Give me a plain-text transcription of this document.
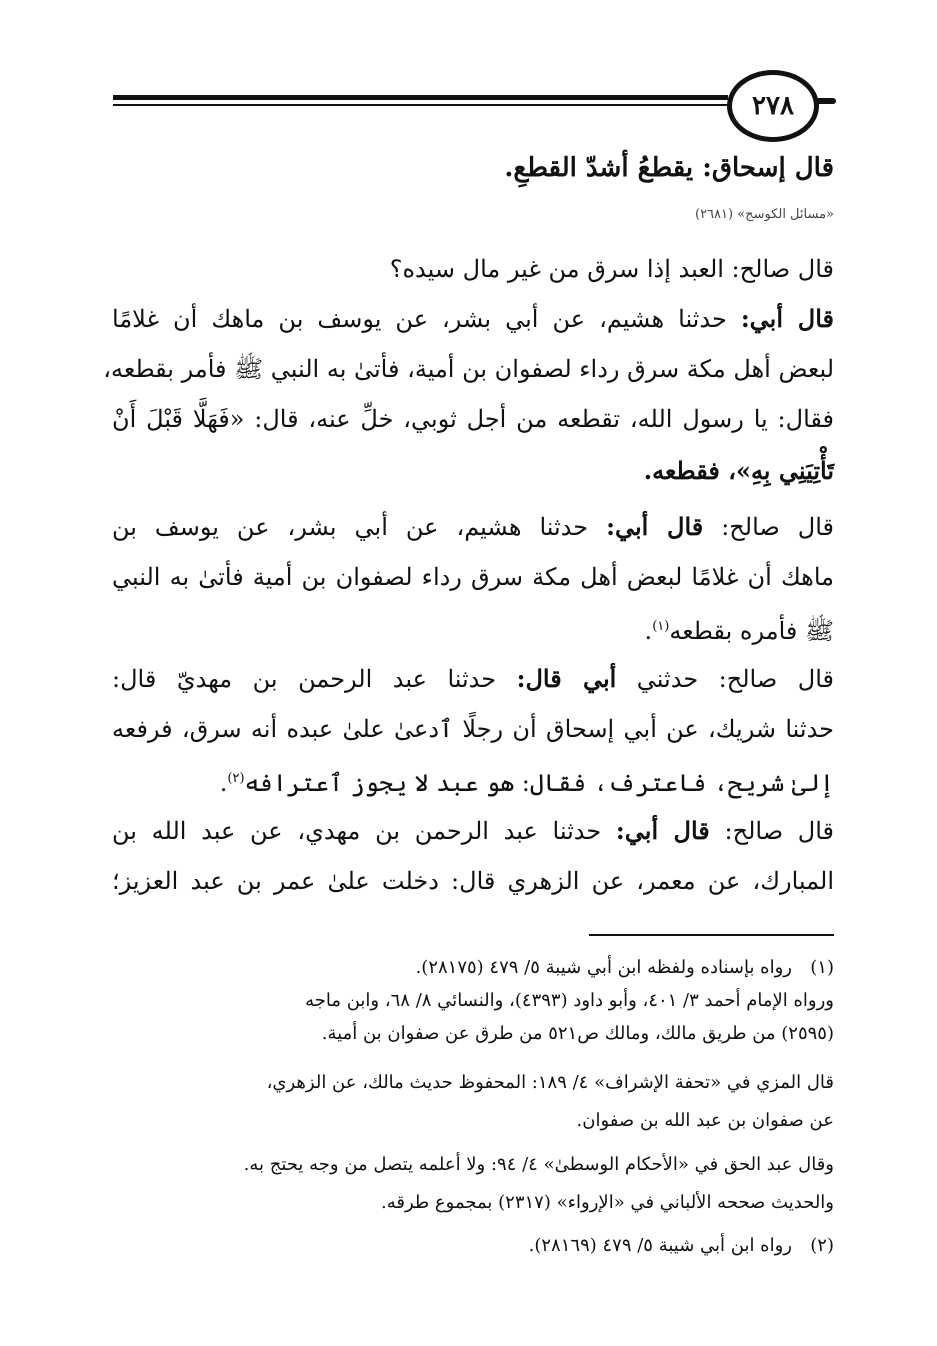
٢٧٨
قال إسحاق: يقطعُ أشدّ القطعِ.
«مسائل الكوسج» (٢٦٨١)
قال صالح: العبد إذا سرق من غير مال سيده؟
قال أبي: حدثنا هشيم، عن أبي بشر، عن يوسف بن ماهك أن غلامًا
لبعض أهل مكة سرق رداء لصفوان بن أمية، فأتىٰ به النبي ﷺ فأمر بقطعه،
فقال: يا رسول الله، تقطعه من أجل ثوبي، خلِّ عنه، قال: «فَهَلَّا قَبْلَ أَنْ
تَأْتِيَنِي بِهِ»، فقطعه.
قال صالح: قال أبي: حدثنا هشيم، عن أبي بشر، عن يوسف بن
ماهك أن غلامًا لبعض أهل مكة سرق رداء لصفوان بن أمية فأتىٰ به النبي
ﷺ فأمره بقطعه$^{(١)}$.
قال صالح: حدثني أبي قال: حدثنا عبد الرحمن بن مهديّ قال:
حدثنا شريك، عن أبي إسحاق أن رجلًا ٱدعىٰ علىٰ عبده أنه سرق، فرفعه
إلىٰ شريح، فاعترف، فقال: هو عبد لا يجوز ٱعترافه$^{(٢)}$.
قال صالح: قال أبي: حدثنا عبد الرحمن بن مهدي، عن عبد الله بن
المبارك، عن معمر، عن الزهري قال: دخلت علىٰ عمر بن عبد العزيز؛
(١)رواه بإسناده ولفظه ابن أبي شيبة ٥/ ٤٧٩ (٢٨١٧٥).
ورواه الإمام أحمد ٣/ ٤٠١، وأبو داود (٤٣٩٣)، والنسائي ٨/ ٦٨، وابن ماجه
(٢٥٩٥) من طريق مالك، ومالك ص٥٢١ من طرق عن صفوان بن أمية.
قال المزي في «تحفة الإشراف» ٤/ ١٨٩: المحفوظ حديث مالك، عن الزهري،
عن صفوان بن عبد الله بن صفوان.
وقال عبد الحق في «الأحكام الوسطىٰ» ٤/ ٩٤: ولا أعلمه يتصل من وجه يحتج به.
والحديث صححه الألباني في «الإرواء» (٢٣١٧) بمجموع طرقه.
(٢)رواه ابن أبي شيبة ٥/ ٤٧٩ (٢٨١٦٩).
